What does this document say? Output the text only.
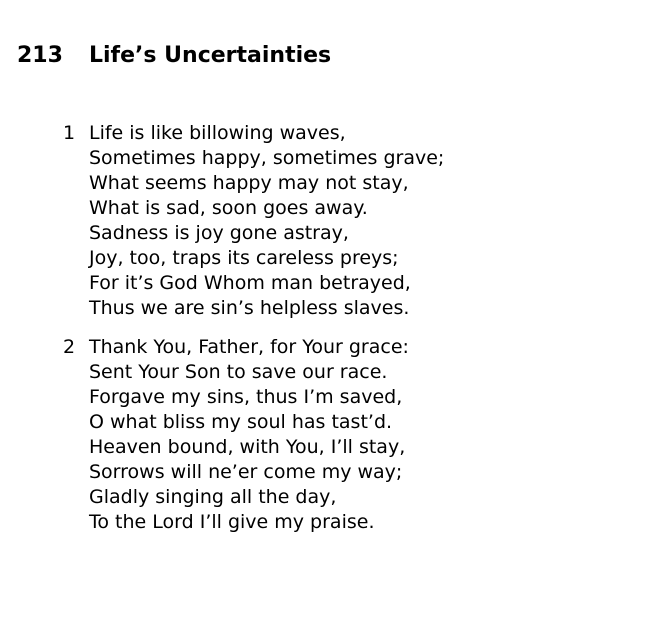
213 Life’s Uncertainties
1 Life is like billowing waves,
Sometimes happy, sometimes grave;
What seems happy may not stay,
What is sad, soon goes away.
Sadness is joy gone astray,
Joy, too, traps its careless preys;
For it’s God Whom man betrayed,
Thus we are sin’s helpless slaves.
2 Thank You, Father, for Your grace:
Sent Your Son to save our race.
Forgave my sins, thus I’m saved,
O what bliss my soul has tast’d.
Heaven bound, with You, I’ll stay,
Sorrows will ne’er come my way;
Gladly singing all the day,
To the Lord I’ll give my praise.
